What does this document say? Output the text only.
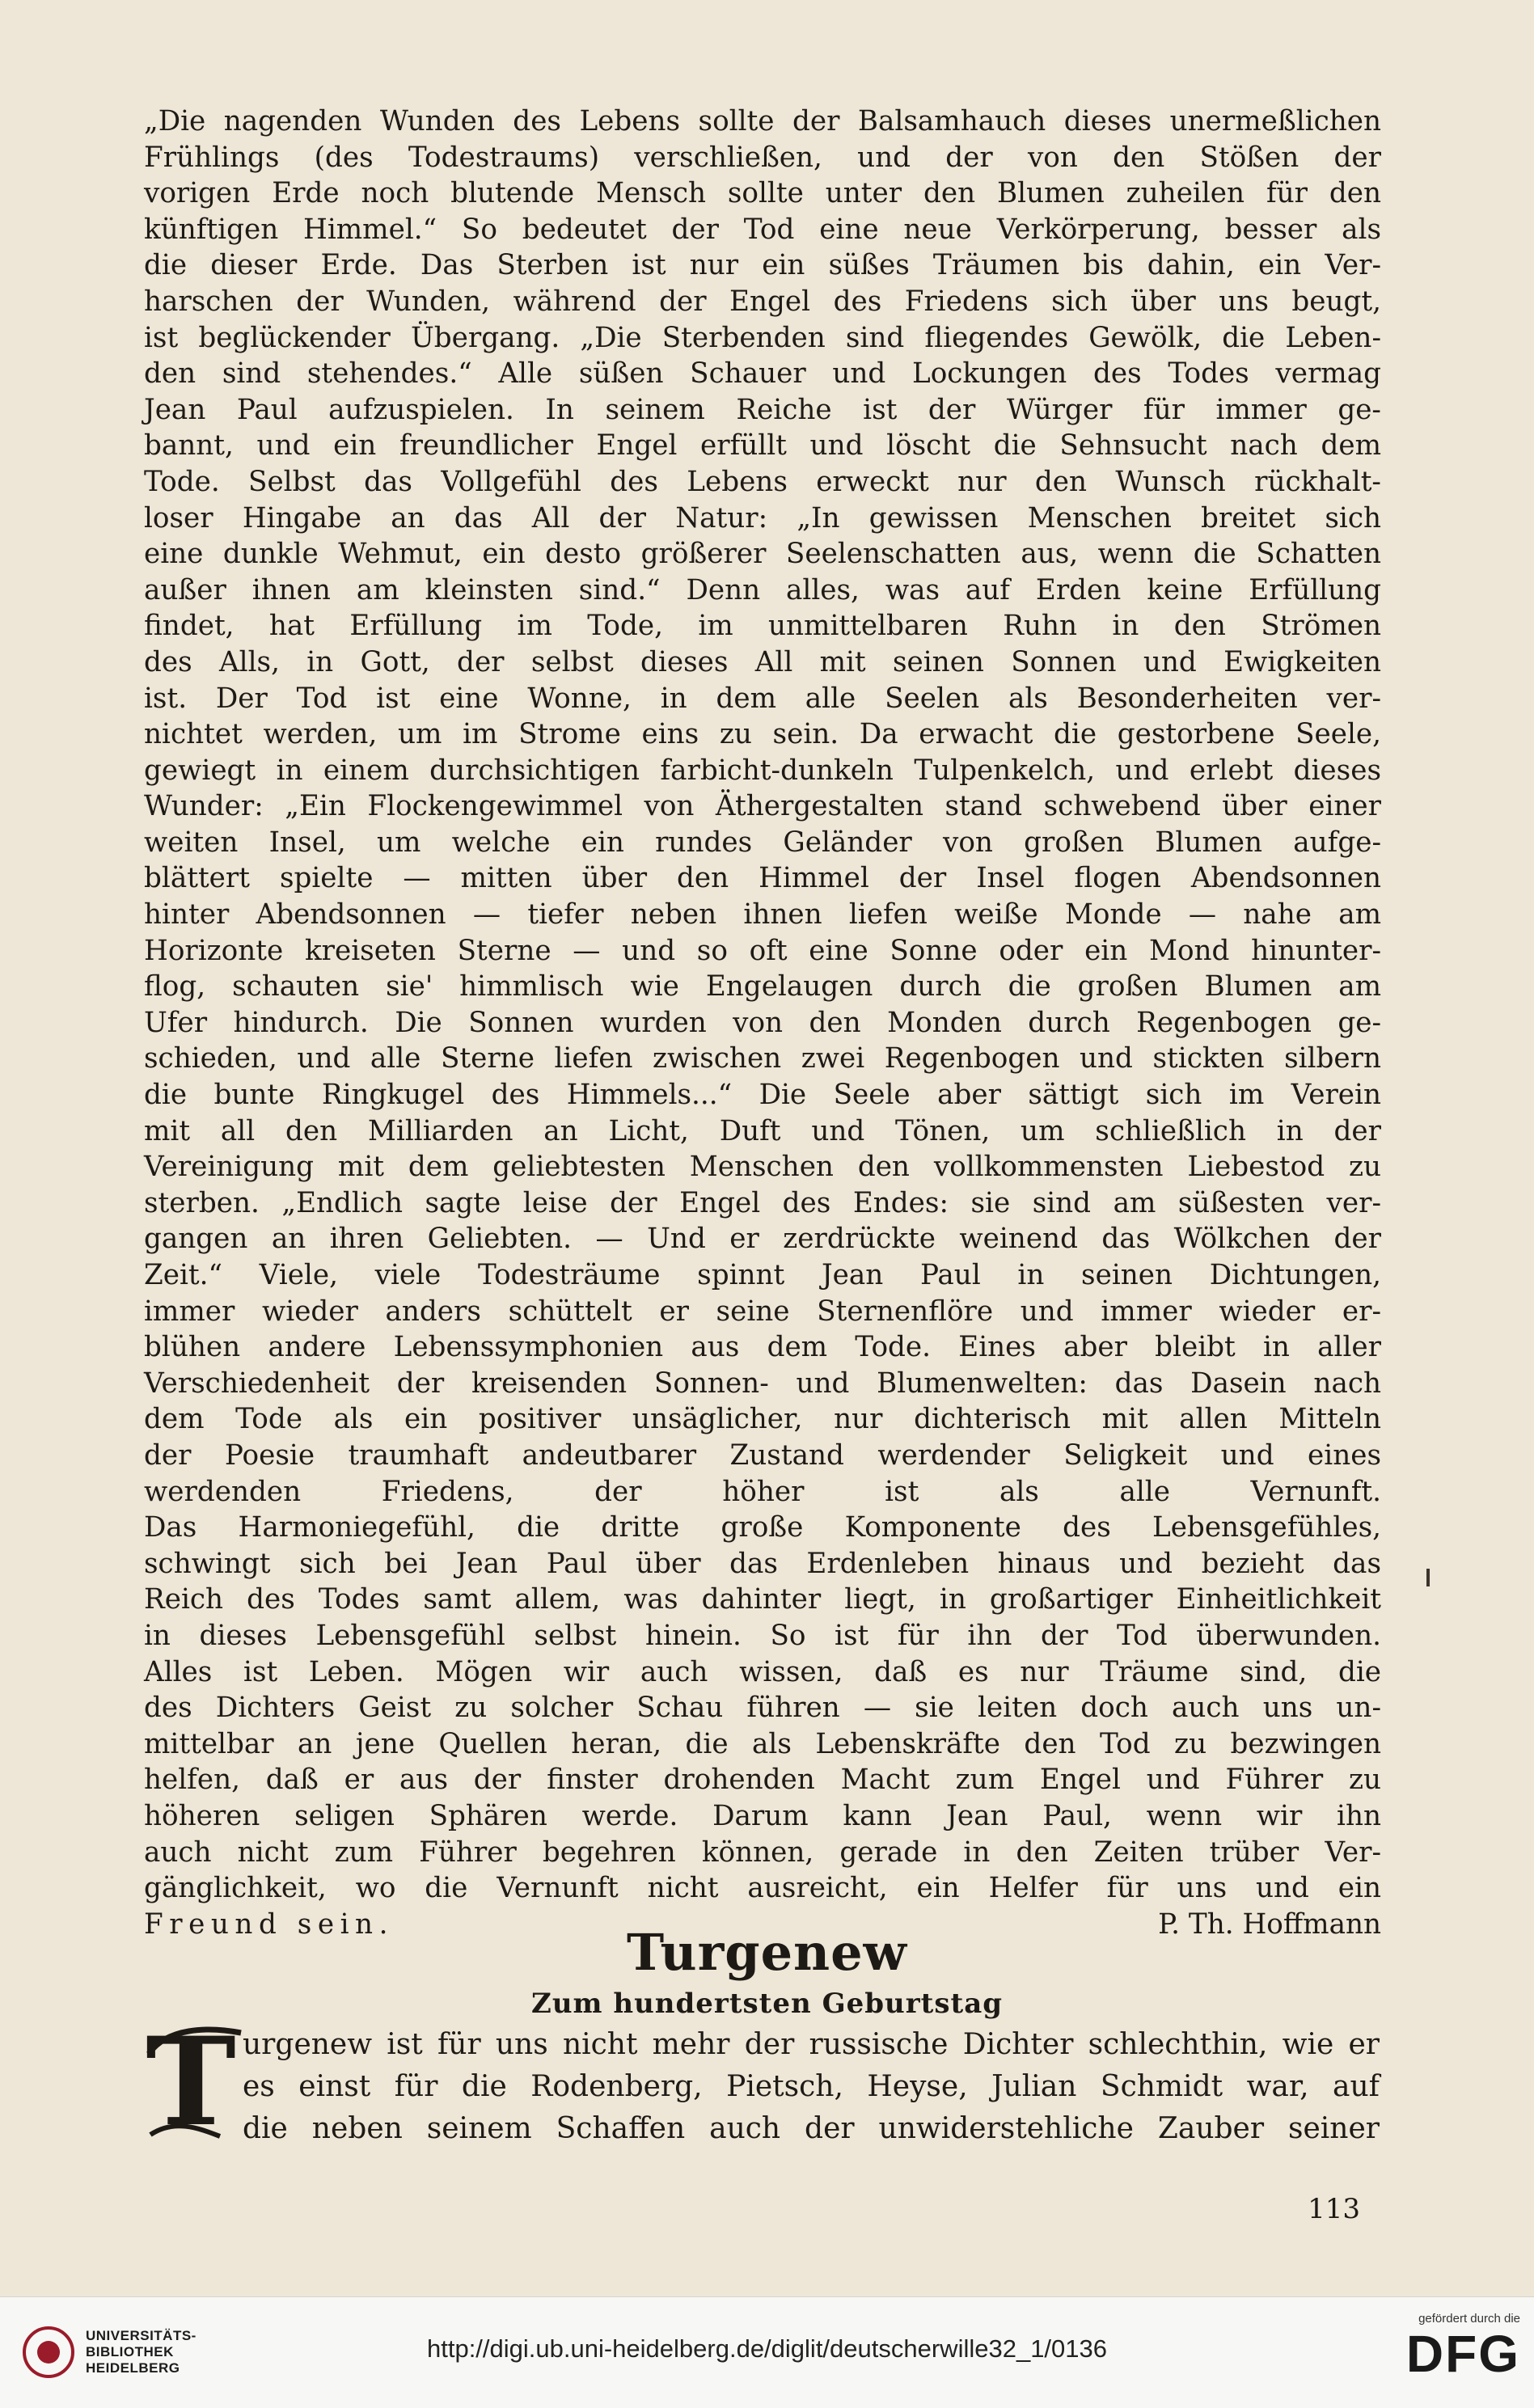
„Die nagenden Wunden des Lebens sollte der Balsamhauch dieses unermeßlichen

Frühlings (des Todestraums) verschließen, und der von den Stößen der

vorigen Erde noch blutende Mensch sollte unter den Blumen zuheilen für den

künftigen Himmel.“ So bedeutet der Tod eine neue Verkörperung, besser als

die dieser Erde. Das Sterben ist nur ein süßes Träumen bis dahin, ein Ver-

harschen der Wunden, während der Engel des Friedens sich über uns beugt,

ist beglückender Übergang. „Die Sterbenden sind fliegendes Gewölk, die Leben-

den sind stehendes.“ Alle süßen Schauer und Lockungen des Todes vermag

Jean Paul aufzuspielen. In seinem Reiche ist der Würger für immer ge-

bannt, und ein freundlicher Engel erfüllt und löscht die Sehnsucht nach dem

Tode. Selbst das Vollgefühl des Lebens erweckt nur den Wunsch rückhalt-

loser Hingabe an das All der Natur: „In gewissen Menschen breitet sich

eine dunkle Wehmut, ein desto größerer Seelenschatten aus, wenn die Schatten

außer ihnen am kleinsten sind.“ Denn alles, was auf Erden keine Erfüllung

findet, hat Erfüllung im Tode, im unmittelbaren Ruhn in den Strömen

des Alls, in Gott, der selbst dieses All mit seinen Sonnen und Ewigkeiten

ist. Der Tod ist eine Wonne, in dem alle Seelen als Besonderheiten ver-

nichtet werden, um im Strome eins zu sein. Da erwacht die gestorbene Seele,

gewiegt in einem durchsichtigen farbicht-dunkeln Tulpenkelch, und erlebt dieses

Wunder: „Ein Flockengewimmel von Äthergestalten stand schwebend über einer

weiten Insel, um welche ein rundes Geländer von großen Blumen aufge-

blättert spielte — mitten über den Himmel der Insel flogen Abendsonnen

hinter Abendsonnen — tiefer neben ihnen liefen weiße Monde — nahe am

Horizonte kreiseten Sterne — und so oft eine Sonne oder ein Mond hinunter-

flog, schauten sie' himmlisch wie Engelaugen durch die großen Blumen am

Ufer hindurch. Die Sonnen wurden von den Monden durch Regenbogen ge-

schieden, und alle Sterne liefen zwischen zwei Regenbogen und stickten silbern

die bunte Ringkugel des Himmels...“ Die Seele aber sättigt sich im Verein

mit all den Milliarden an Licht, Duft und Tönen, um schließlich in der

Vereinigung mit dem geliebtesten Menschen den vollkommensten Liebestod zu

sterben. „Endlich sagte leise der Engel des Endes: sie sind am süßesten ver-

gangen an ihren Geliebten. — Und er zerdrückte weinend das Wölkchen der

Zeit.“ Viele, viele Todesträume spinnt Jean Paul in seinen Dichtungen,

immer wieder anders schüttelt er seine Sternenflöre und immer wieder er-

blühen andere Lebenssymphonien aus dem Tode. Eines aber bleibt in aller

Verschiedenheit der kreisenden Sonnen- und Blumenwelten: das Dasein nach

dem Tode als ein positiver unsäglicher, nur dichterisch mit allen Mitteln

der Poesie traumhaft andeutbarer Zustand werdender Seligkeit und eines

werdenden Friedens, der höher ist als alle Vernunft.

Das Harmoniegefühl, die dritte große Komponente des Lebensgefühles,

schwingt sich bei Jean Paul über das Erdenleben hinaus und bezieht das

Reich des Todes samt allem, was dahinter liegt, in großartiger Einheitlichkeit

in dieses Lebensgefühl selbst hinein. So ist für ihn der Tod überwunden.

Alles ist Leben. Mögen wir auch wissen, daß es nur Träume sind, die

des Dichters Geist zu solcher Schau führen — sie leiten doch auch uns un-

mittelbar an jene Quellen heran, die als Lebenskräfte den Tod zu bezwingen

helfen, daß er aus der finster drohenden Macht zum Engel und Führer zu

höheren seligen Sphären werde. Darum kann Jean Paul, wenn wir ihn

auch nicht zum Führer begehren können, gerade in den Zeiten trüber Ver-

gänglichkeit, wo die Vernunft nicht ausreicht, ein Helfer für uns und ein

Freund sein.	P. Th. Hoffmann

Turgenew
Zum hundertsten Geburtstag
T urgenew ist für uns nicht mehr der russische Dichter schlechthin, wie er

es einst für die Rodenberg, Pietsch, Heyse, Julian Schmidt war, auf

die neben seinem Schaffen auch der unwiderstehliche Zauber seiner

113
UNIVERSITÄTS-
BIBLIOTHEK
HEIDELBERG
http://digi.ub.uni-heidelberg.de/diglit/deutscherwille32_1/0136
gefördert durch die
DFG
